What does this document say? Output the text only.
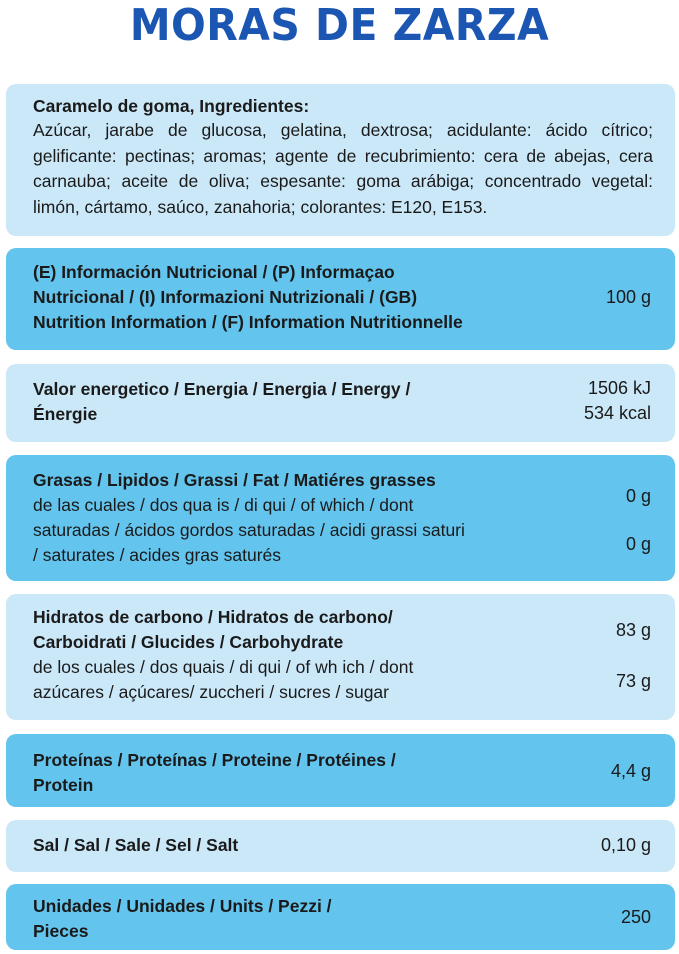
MORAS DE ZARZA
Caramelo de goma, Ingredientes:
Azúcar, jarabe de glucosa, gelatina, dextrosa; acidulante: ácido cítrico; gelificante: pectinas; aromas; agente de recubrimiento: cera de abejas, cera carnauba; aceite de oliva; espesante: goma arábiga; concentrado vegetal: limón, cártamo, saúco, zanahoria; colorantes: E120, E153.
(E) Información Nutricional / (P) Informaçao
Nutricional / (I) Informazioni Nutrizionali / (GB)
Nutrition Information / (F) Information Nutritionnelle
100 g
Valor energetico / Energia / Energia / Energy /
Énergie
1506 kJ
534 kcal
Grasas / Lipidos / Grassi / Fat / Matiéres grasses
de las cuales / dos qua is / di qui / of which / dont
saturadas / ácidos gordos saturadas / acidi grassi saturi
/ saturates / acides gras saturés
0 g
0 g
Hidratos de carbono / Hidratos de carbono/
Carboidrati / Glucides / Carbohydrate
de los cuales / dos quais / di qui / of wh ich / dont
azúcares / açúcares/ zuccheri / sucres / sugar
83 g
73 g
Proteínas / Proteínas / Proteine / Protéines /
Protein
4,4 g
Sal / Sal / Sale / Sel / Salt	0,10 g
Unidades / Unidades / Units / Pezzi /
Pieces
250
